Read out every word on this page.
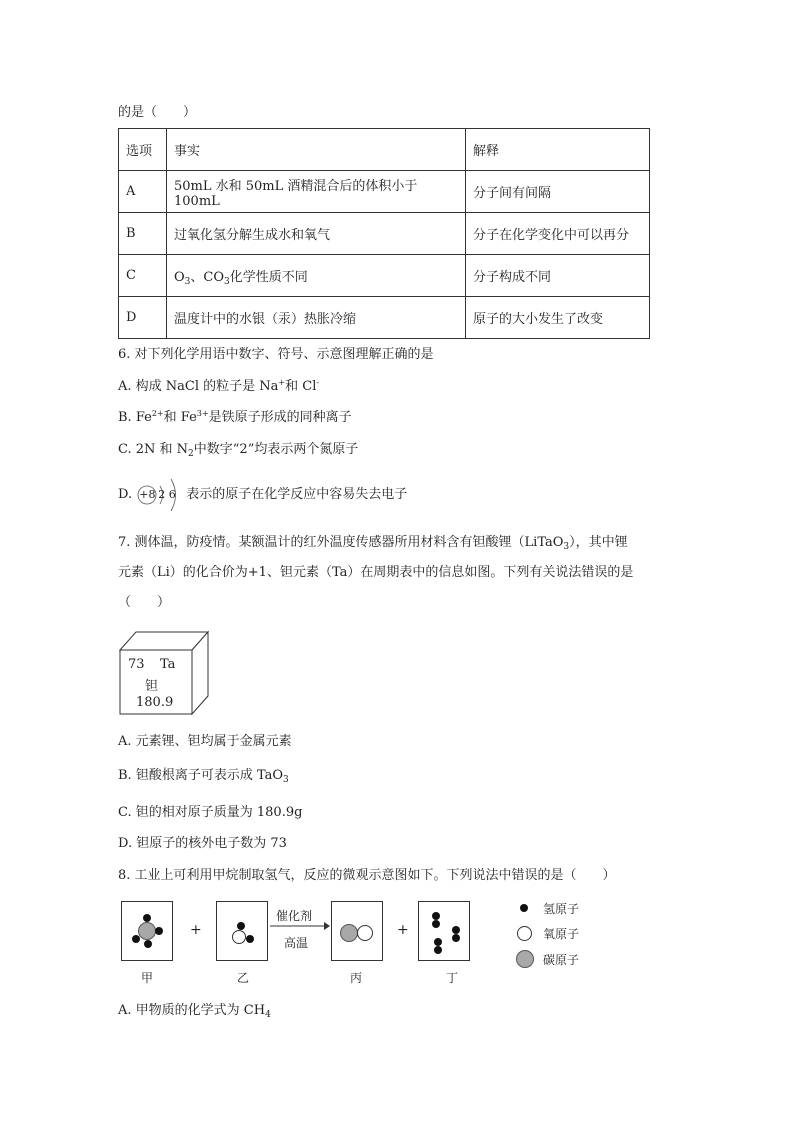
的是（　　）
选项	事实	解释
A	50mL 水和 50mL 酒精混合后的体积小于 100mL	分子间有间隔
B	过氧化氢分解生成水和氧气	分子在化学变化中可以再分
C	$O_3$、$CO_3$化学性质不同	分子构成不同
D	温度计中的水银（汞）热胀冷缩	原子的大小发生了改变
6. 对下列化学用语中数字、符号、示意图理解正确的是
A. 构成 NaCl 的粒子是 Na+和 Cl-
B. $Fe^{2+}$和 $Fe^{3+}$是铁原子形成的同种离子
C. 2N 和 $N_2$中数字“2”均表示两个氮原子
D. +8 2 6 表示的原子在化学反应中容易失去电子
7. 测体温，防疫情。某额温计的红外温度传感器所用材料含有钽酸锂（LiTaO$_3$），其中锂
元素（Li）的化合价为+1、钽元素（Ta）在周期表中的信息如图。下列有关说法错误的是
（　　）
73 Ta
钽
180.9
A. 元素锂、钽均属于金属元素
B. 钽酸根离子可表示成 TaO$_3$
C. 钽的相对原子质量为 180.9g
D. 钽原子的核外电子数为 73
8. 工业上可利用甲烷制取氢气，反应的微观示意图如下。下列说法中错误的是（　　）
+
催化剂
高温
+
甲	乙	丙	丁
氢原子
氧原子
碳原子
A. 甲物质的化学式为 $CH_4$
